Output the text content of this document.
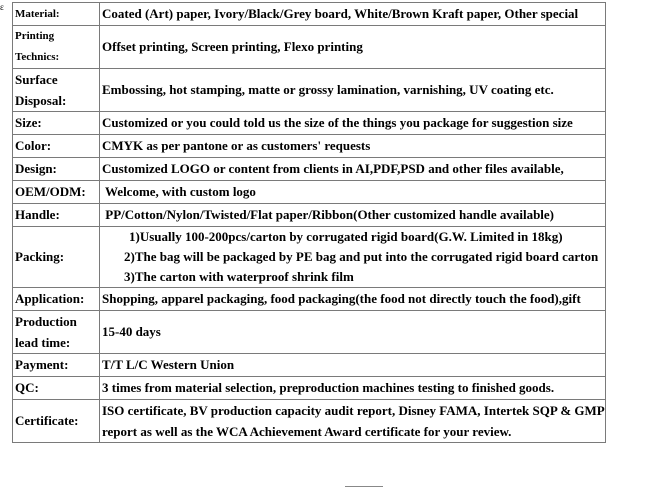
ε
Material:	Coated (Art) paper, Ivory/Black/Grey board, White/Brown Kraft paper, Other special

Printing
Technics:	Offset printing, Screen printing, Flexo printing

Surface
Disposal:	Embossing, hot stamping, matte or grossy lamination, varnishing, UV coating etc.
Size:	Customized or you could told us the size of the things you package for suggestion size
Color:	CMYK as per pantone or as customers' requests
Design:	Customized LOGO or content from clients in AI,PDF,PSD and other files available,
OEM/ODM:	Welcome, with custom logo
Handle:	PP/Cotton/Nylon/Twisted/Flat paper/Ribbon(Other customized handle available)
Packing:	1)Usually 100-200pcs/carton by corrugated rigid board(G.W. Limited in 18kg)
2)The bag will be packaged by PE bag and put into the corrugated rigid board carton
3)The carton with waterproof shrink film

Application:	Shopping, apparel packaging, food packaging(the food not directly touch the food),gift

Production
lead time:	15-40 days
Payment:	T/T L/C Western Union
QC:	3 times from material selection, preproduction machines testing to finished goods.
Certificate:	ISO certificate, BV production capacity audit report, Disney FAMA, Intertek SQP & GMP
report as well as the WCA Achievement Award certificate for your review.
